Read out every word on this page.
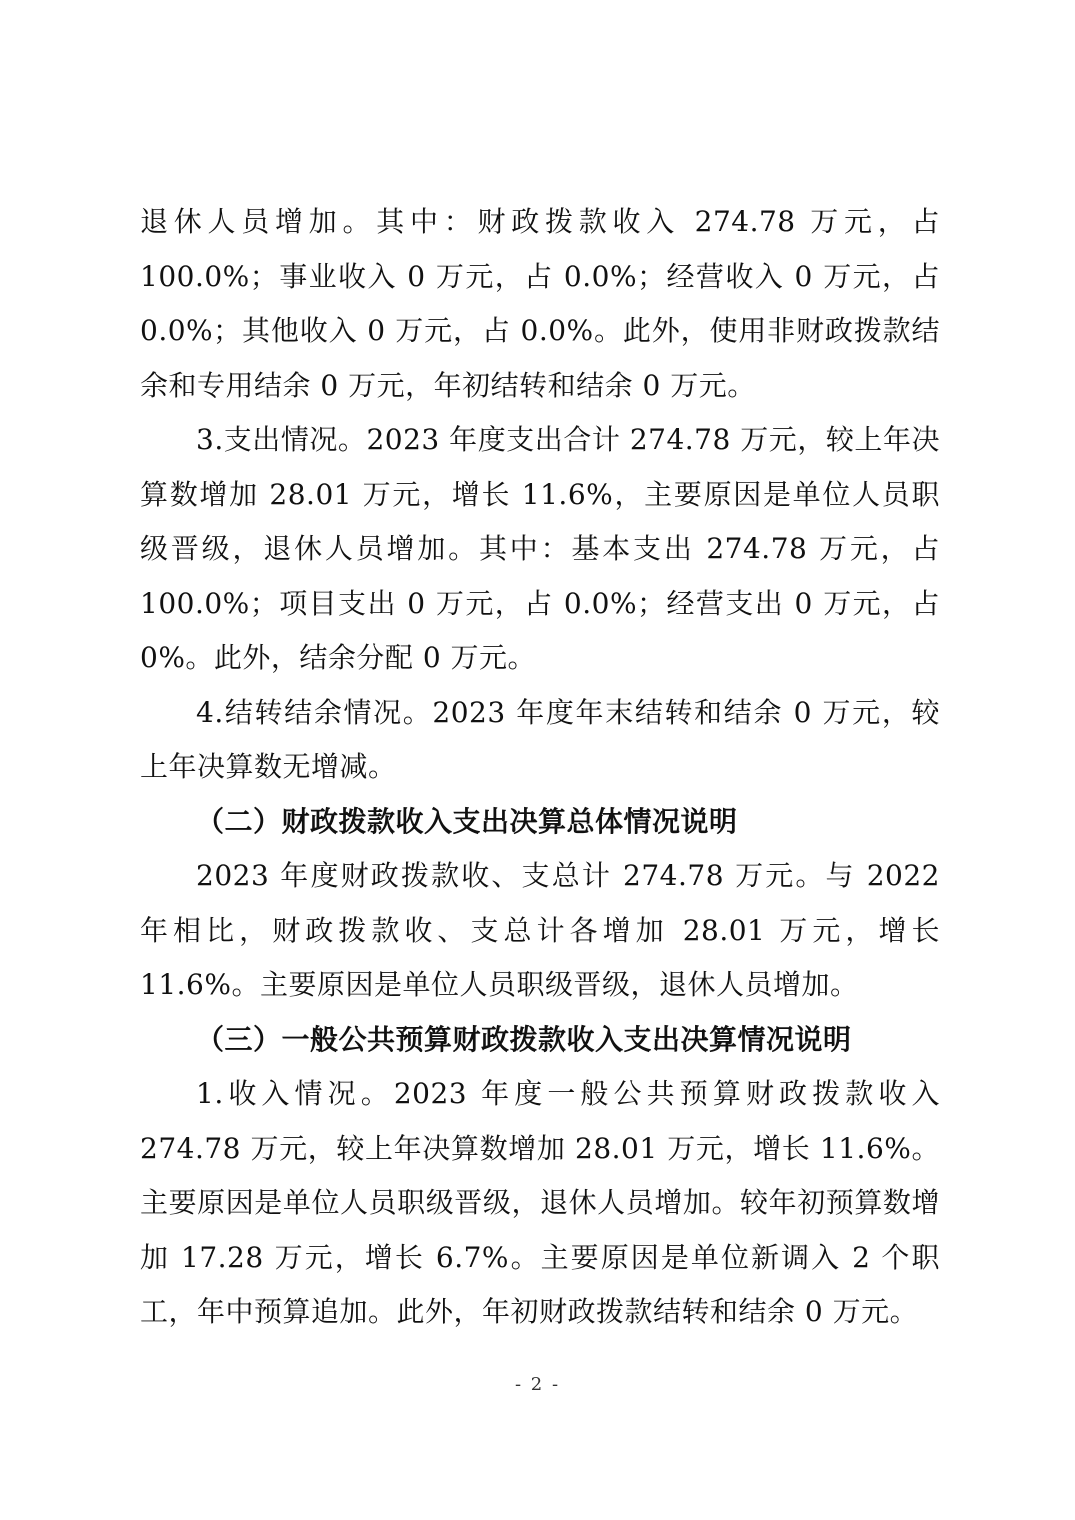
退休人员增加。其中：财政拨款收入 274.78 万元，占 100.0%；事业收入 0 万元，占 0.0%；经营收入 0 万元，占 0.0%；其他收入 0 万元，占 0.0%。此外，使用非财政拨款结余和专用结余 0 万元，年初结转和结余 0 万元。

3.支出情况。2023 年度支出合计 274.78 万元，较上年决算数增加 28.01 万元，增长 11.6%，主要原因是单位人员职级晋级，退休人员增加。其中：基本支出 274.78 万元，占 100.0%；项目支出 0 万元，占 0.0%；经营支出 0 万元，占 0%。此外，结余分配 0 万元。

4.结转结余情况。2023 年度年末结转和结余 0 万元，较上年决算数无增减。

（二）财政拨款收入支出决算总体情况说明

2023 年度财政拨款收、支总计 274.78 万元。与 2022 年相比，财政拨款收、支总计各增加 28.01 万元，增长 11.6%。主要原因是单位人员职级晋级，退休人员增加。

（三）一般公共预算财政拨款收入支出决算情况说明

1.收入情况。2023 年度一般公共预算财政拨款收入 274.78 万元，较上年决算数增加 28.01 万元，增长 11.6%。主要原因是单位人员职级晋级，退休人员增加。较年初预算数增加 17.28 万元，增长 6.7%。主要原因是单位新调入 2 个职工，年中预算追加。此外，年初财政拨款结转和结余 0 万元。

- 2 -
